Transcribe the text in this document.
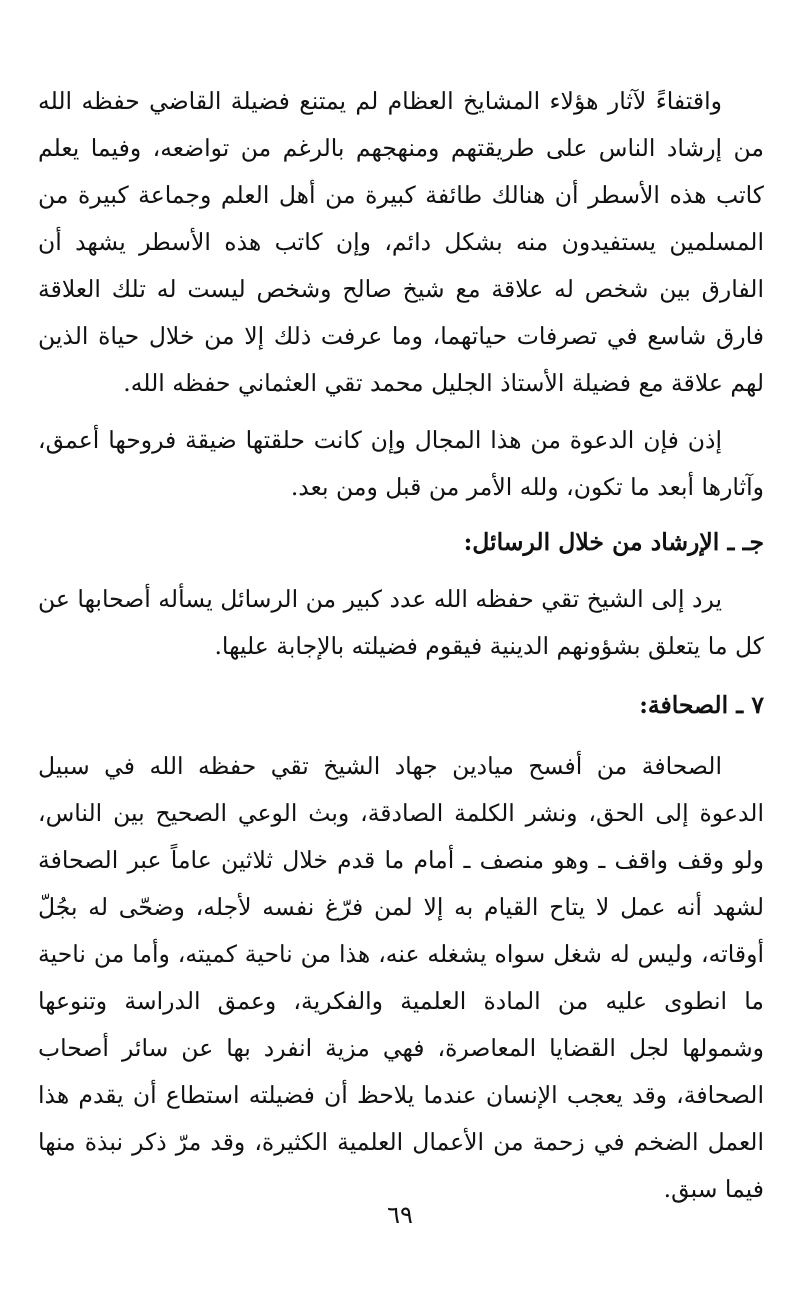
واقتفاءً لآثار هؤلاء المشايخ العظام لم يمتنع فضيلة القاضي حفظه الله من إرشاد الناس على طريقتهم ومنهجهم بالرغم من تواضعه، وفيما يعلم كاتب هذه الأسطر أن هنالك طائفة كبيرة من أهل العلم وجماعة كبيرة من المسلمين يستفيدون منه بشكل دائم، وإن كاتب هذه الأسطر يشهد أن الفارق بين شخص له علاقة مع شيخ صالح وشخص ليست له تلك العلاقة فارق شاسع في تصرفات حياتهما، وما عرفت ذلك إلا من خلال حياة الذين لهم علاقة مع فضيلة الأستاذ الجليل محمد تقي العثماني حفظه الله.

إذن فإن الدعوة من هذا المجال وإن كانت حلقتها ضيقة فروحها أعمق، وآثارها أبعد ما تكون، ولله الأمر من قبل ومن بعد.

جـ ـ الإرشاد من خلال الرسائل:

يرد إلى الشيخ تقي حفظه الله عدد كبير من الرسائل يسأله أصحابها عن كل ما يتعلق بشؤونهم الدينية فيقوم فضيلته بالإجابة عليها.

٧ ـ الصحافة:

الصحافة من أفسح ميادين جهاد الشيخ تقي حفظه الله في سبيل الدعوة إلى الحق، ونشر الكلمة الصادقة، وبث الوعي الصحيح بين الناس، ولو وقف واقف ـ وهو منصف ـ أمام ما قدم خلال ثلاثين عاماً عبر الصحافة لشهد أنه عمل لا يتاح القيام به إلا لمن فرّغ نفسه لأجله، وضحّى له بجُلّ أوقاته، وليس له شغل سواه يشغله عنه، هذا من ناحية كميته، وأما من ناحية ما انطوى عليه من المادة العلمية والفكرية، وعمق الدراسة وتنوعها وشمولها لجل القضايا المعاصرة، فهي مزية انفرد بها عن سائر أصحاب الصحافة، وقد يعجب الإنسان عندما يلاحظ أن فضيلته استطاع أن يقدم هذا العمل الضخم في زحمة من الأعمال العلمية الكثيرة، وقد مرّ ذكر نبذة منها فيما سبق.

٦٩
